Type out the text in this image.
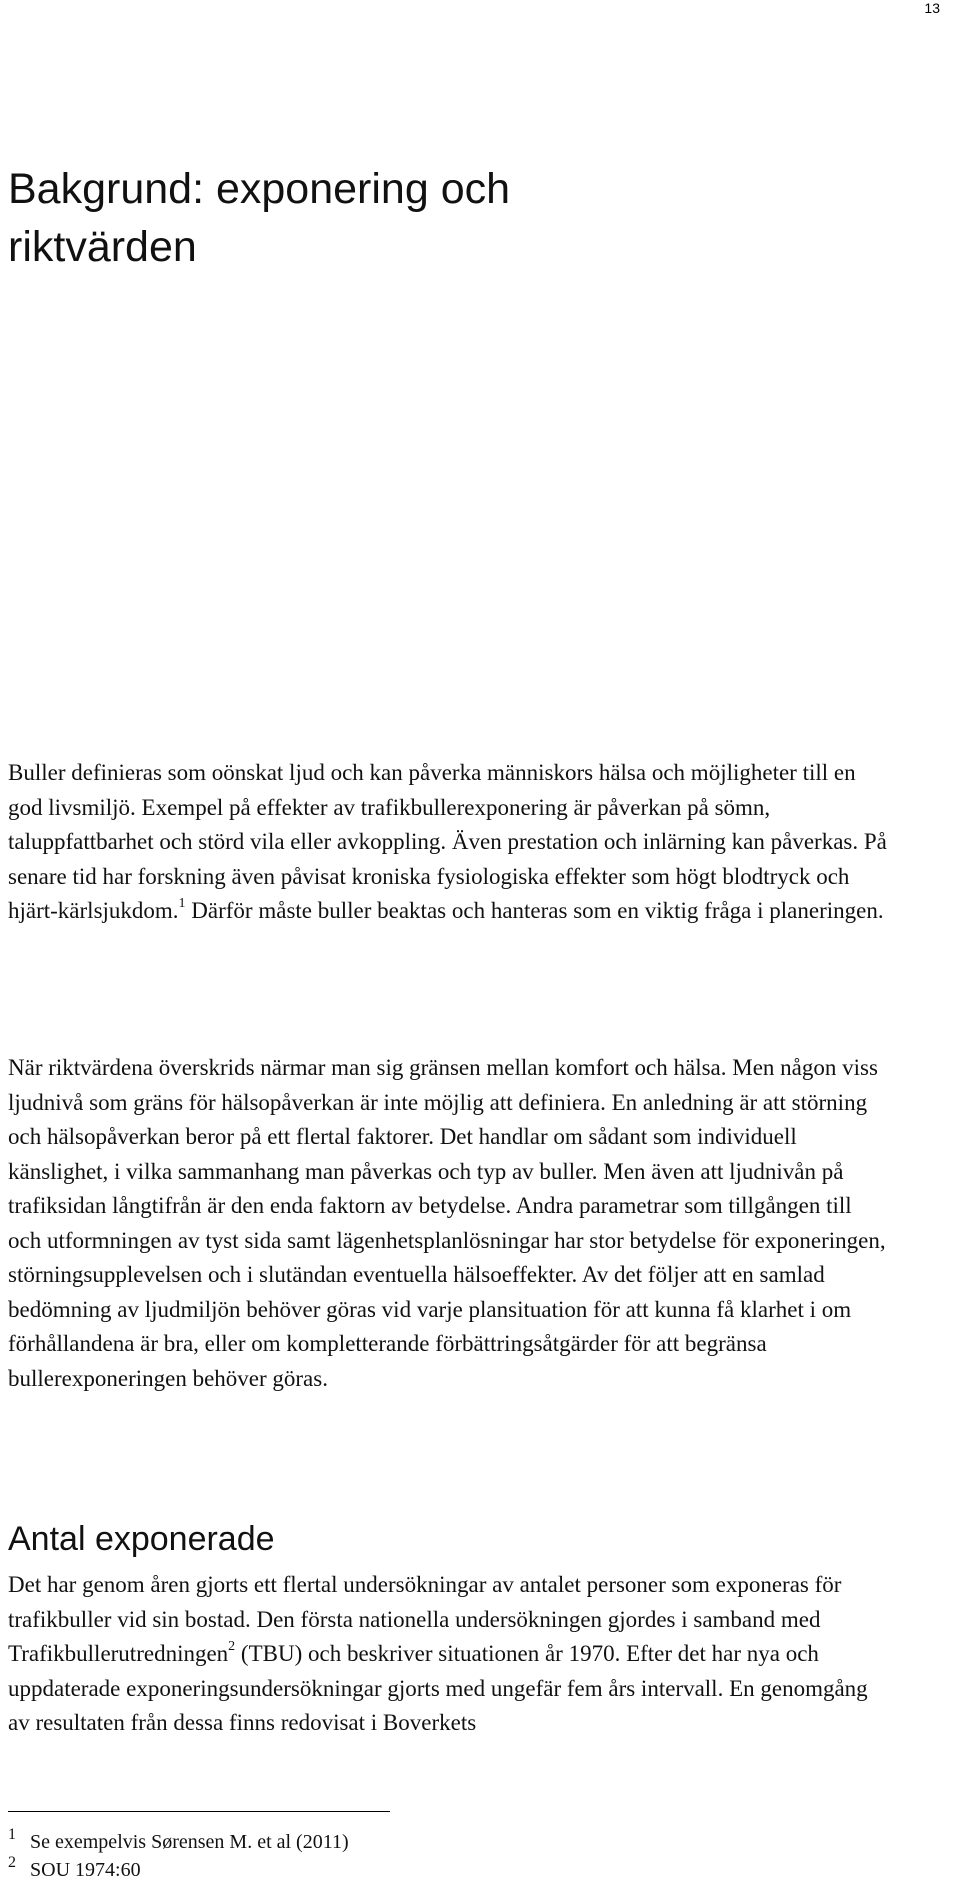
13
Bakgrund: exponering och
riktvärden

Buller definieras som oönskat ljud och kan påverka människors hälsa och möjligheter till en god livsmiljö. Exempel på effekter av trafikbullerexponering är påverkan på sömn, taluppfattbarhet och störd vila eller avkoppling. Även prestation och inlärning kan påverkas. På senare tid har forskning även påvisat kroniska fysiologiska effekter som högt blodtryck och hjärt-kärlsjukdom.$^1$ Därför måste buller beaktas och hanteras som en viktig fråga i planeringen.

När riktvärdena överskrids närmar man sig gränsen mellan komfort och hälsa. Men någon viss ljudnivå som gräns för hälsopåverkan är inte möjlig att definiera. En anledning är att störning och hälsopåverkan beror på ett flertal faktorer. Det handlar om sådant som individuell känslighet, i vilka sammanhang man påverkas och typ av buller. Men även att ljudnivån på trafiksidan långtifrån är den enda faktorn av betydelse. Andra parametrar som tillgången till och utformningen av tyst sida samt lägenhetsplanlösningar har stor betydelse för exponeringen, störningsupplevelsen och i slutändan eventuella hälsoeffekter. Av det följer att en samlad bedömning av ljudmiljön behöver göras vid varje plansituation för att kunna få klarhet i om förhållandena är bra, eller om kompletterande förbättringsåtgärder för att begränsa bullerexponeringen behöver göras.

Antal exponerade

Det har genom åren gjorts ett flertal undersökningar av antalet personer som exponeras för trafikbuller vid sin bostad. Den första nationella undersökningen gjordes i samband med Trafikbullerutredningen$^2$ (TBU) och beskriver situationen år 1970. Efter det har nya och uppdaterade exponeringsundersökningar gjorts med ungefär fem års intervall. En genomgång av resultaten från dessa finns redovisat i Boverkets

1 Se exempelvis Sørensen M. et al (2011)
2 SOU 1974:60
